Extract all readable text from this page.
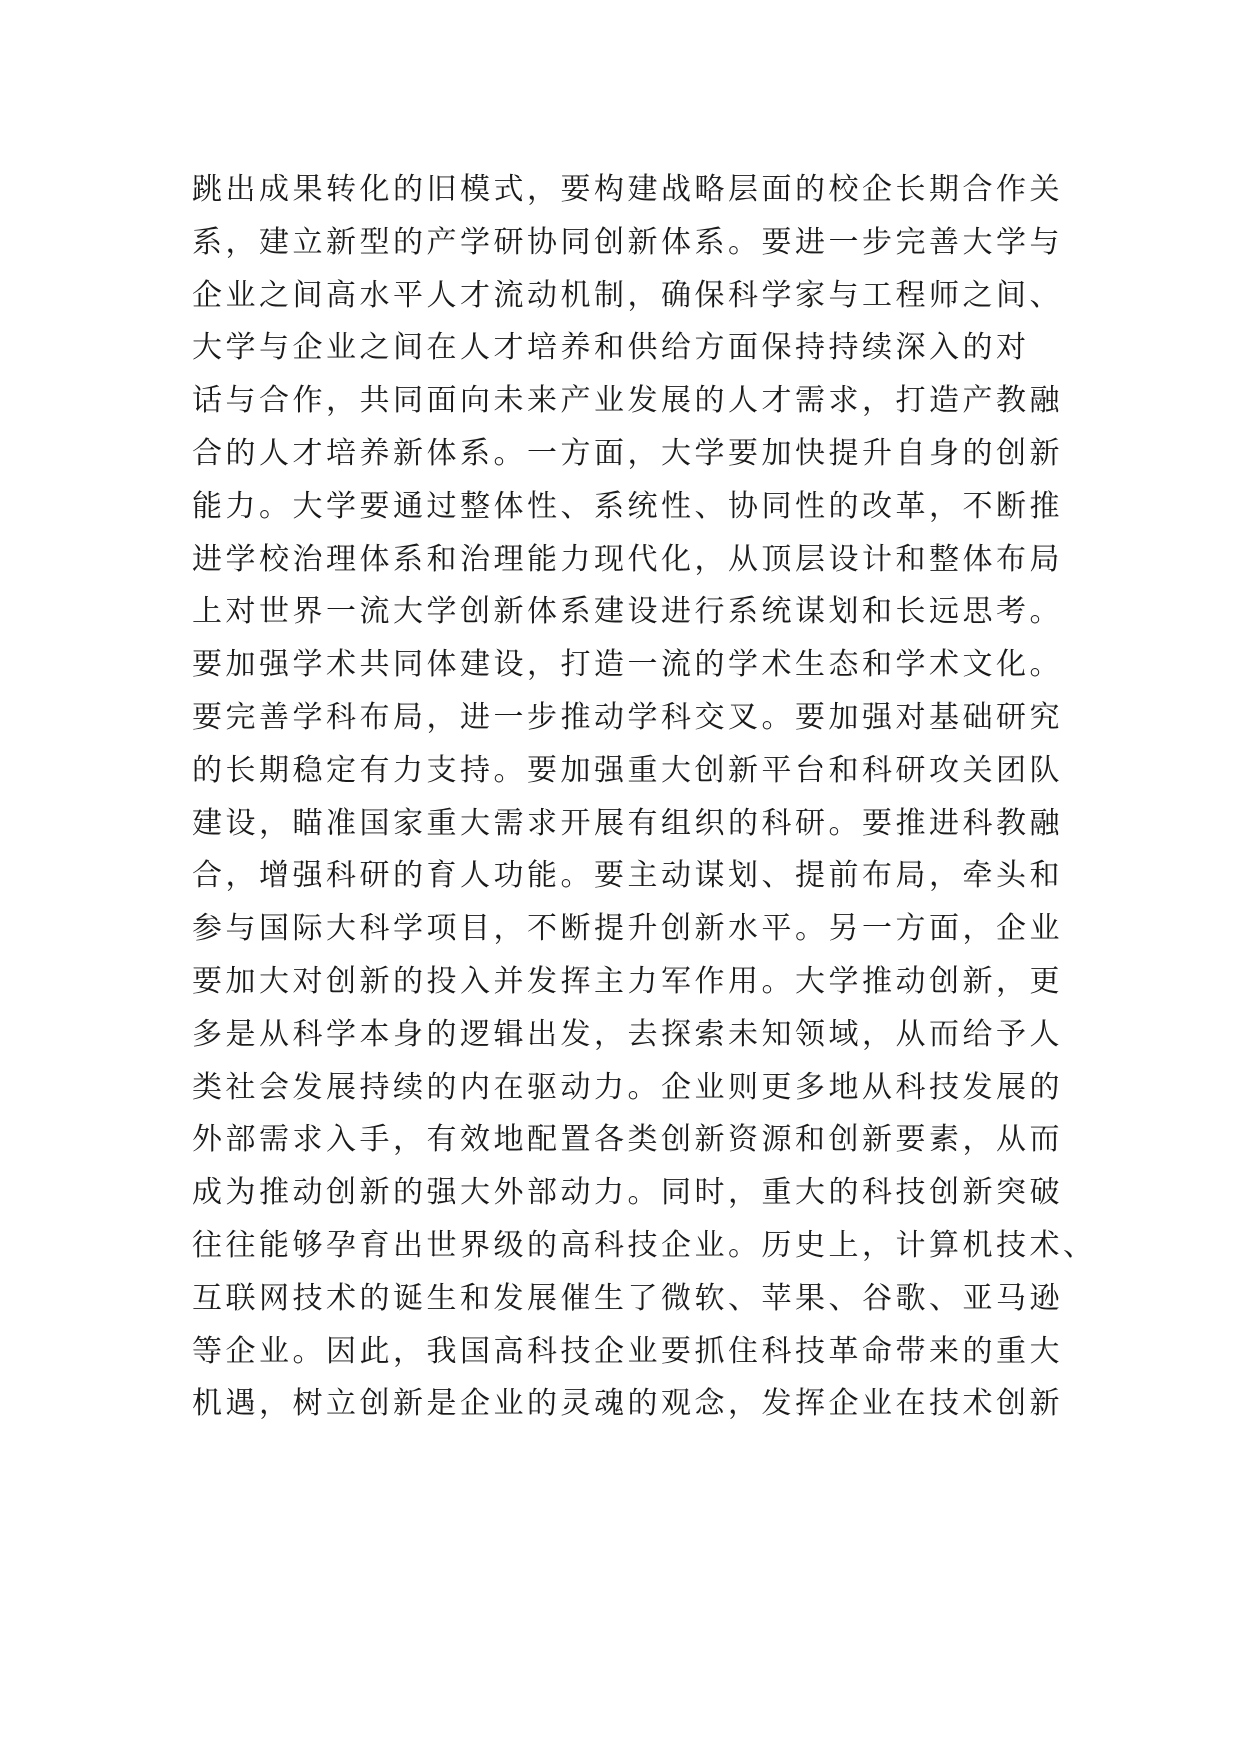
跳出成果转化的旧模式，要构建战略层面的校企长期合作关
系，建立新型的产学研协同创新体系。要进一步完善大学与
企业之间高水平人才流动机制，确保科学家与工程师之间、
大学与企业之间在人才培养和供给方面保持持续深入的对
话与合作，共同面向未来产业发展的人才需求，打造产教融
合的人才培养新体系。一方面，大学要加快提升自身的创新
能力。大学要通过整体性、系统性、协同性的改革，不断推
进学校治理体系和治理能力现代化，从顶层设计和整体布局
上对世界一流大学创新体系建设进行系统谋划和长远思考。
要加强学术共同体建设，打造一流的学术生态和学术文化。
要完善学科布局，进一步推动学科交叉。要加强对基础研究
的长期稳定有力支持。要加强重大创新平台和科研攻关团队
建设，瞄准国家重大需求开展有组织的科研。要推进科教融
合，增强科研的育人功能。要主动谋划、提前布局，牵头和
参与国际大科学项目，不断提升创新水平。另一方面，企业
要加大对创新的投入并发挥主力军作用。大学推动创新，更
多是从科学本身的逻辑出发，去探索未知领域，从而给予人
类社会发展持续的内在驱动力。企业则更多地从科技发展的
外部需求入手，有效地配置各类创新资源和创新要素，从而
成为推动创新的强大外部动力。同时，重大的科技创新突破
往往能够孕育出世界级的高科技企业。历史上，计算机技术、
互联网技术的诞生和发展催生了微软、苹果、谷歌、亚马逊
等企业。因此，我国高科技企业要抓住科技革命带来的重大
机遇，树立创新是企业的灵魂的观念，发挥企业在技术创新
